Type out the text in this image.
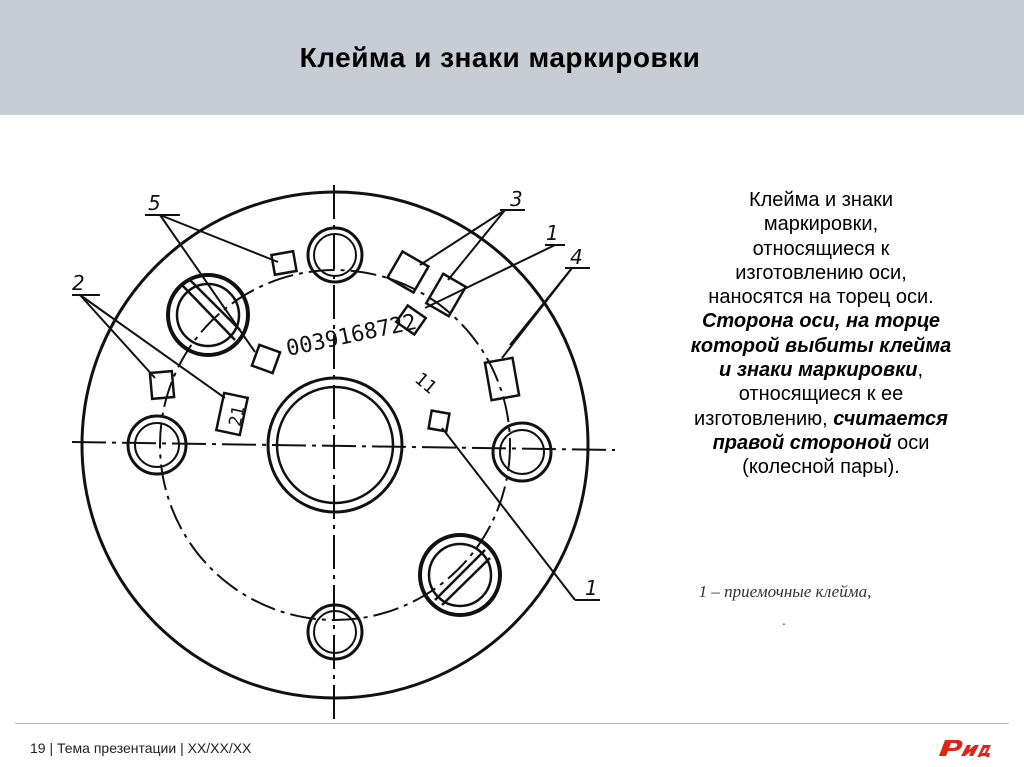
Клейма и знаки маркировки
0039168722
21
11
5	3
1
2
4
1
Клейма и знаки
маркировки,
относящиеся к
изготовлению оси,
наносятся на торец оси.
Сторона оси, на торце
которой выбиты клейма
и знаки маркировки,
относящиеся к ее
изготовлению, считается
правой стороной оси
(колесной пары).
1 – приемочные клейма,
.
19 | Тема презентации | XX/XX/XX
